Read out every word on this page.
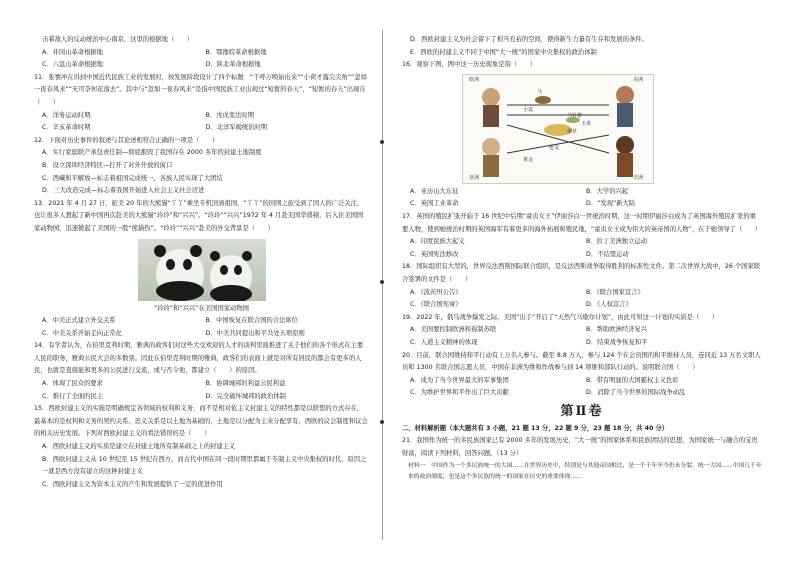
击着敌人的反动统治中心南京，这里的根据地（　　）

A．井冈山革命根据地	B．鄂豫皖革命根据地
C．六盘山革命根据地	D．陕北革命根据地

11．张謇冲在讲到中国近代民族工业的发展时，按发展阶段设计了四个标题：“千呼万唤始出来”“小荷才露尖尖角”“忽如一夜春风来”“无可奈何花落去”。其中与“忽如一夜春风来”是指中国民族工业出现过“短暂的春天”，“短暂的春天”出现在（　　）

A．洋务运动时期	B．戊戌变法时期
C．辛亥革命时期	D．北洋军阀统治时期

12．下面对历史事件的叙述与其论述相符合正确的一项是（　　）

A．实行家庭联产承包责任制—彻底摧毁了我国存在 2000 多年的封建土地制度
B．设立深圳经济特区—打开了对外开放的窗口
C．西藏和平解放—标志着祖国完成统一，各族人民实现了大团结
D．三大改造完成—标志着我国开始进入社会主义社会迈进

13．2021 年 4 月 27 日，旅美 20 年的大熊猫“丫丫”乘坐专机回到祖国，“丫丫”的回国之旅受到了国人的广泛关注，也让很多人想起了新中国再次赴美的大熊猫“玲玲”和“兴兴”。“玲玲”“兴兴”1972 年 4 月赴美国华盛顿，后入住美国国家动物园，迅速掀起了美国的一股“熊猫热”。“玲玲”“兴兴”赴美的外交背景是（　　）

“玲玲”和“兴兴”在美国国家动物园
A．中美正式建立外交关系	B．中国恢复在联合国的合法席位
C．中美关系开始走向正常化	D．中美共同提出和平共处五项原则

14．有学者认为，在伯里克利时期，雅典的政客们对这些大受欢迎的人才的谈判里面推进了关于他们的各个形式在主要人民的职务，雅典公民大会的多数票。因此在伯里克利时期的雅典，政客们的表面上就是对所有居民的都会有更多的人民，也就是直接能和更多的公民进行交流，或与否令他，都建立（　　）的原因。

A．体现了民众的要求	B．协调城邦的利益公民利益
C．推行了全面的民主	D．完全破坏城邦的政治体制

15．西欧封建主义的实施是明确规定各领域的权利和义务，而不是相对依主义封建主义的特性都是以联盟的方式存在，最基本的是权利和义务的契约关系。忠义关系是以土地为基础的，土地是以分配为主来分配享有，西欧的议会制度和议会的相关历史发展。下列对西欧封建主义的看法错误的是（　　）

A．西欧封建主义的实质是建立在封建土地所有制基础之上的封建主义
B．西欧封建主义从 10 世纪至 15 世纪在西方，而古代中国在同一段时期里都属于专制主义中央集权的时代，原因之一就是西方没有建立的这种封建主义
C．西欧封建主义为资本主义的产生和发展提供了一定的促进作用
D．西欧封建主义为社会留下了相当充裕的空间，使得新生力量有生存和发展的条件。
E．西欧的封建主义不同于中国“大一统”的国家中央集权的政治体制

16．观察下图，图中这一历史现象是指（　　）

欧洲	美洲
亚洲	非洲
马铃薯
玉米
烟草
马
小麦
枪支
黄金
A．亚历山大东征	B．大学的兴起
C．英国工业革命	D．“发现”新大陆

17．英国的殖民扩张开始于 16 世纪中后期“童贞女王”伊丽莎白一世统治时期，这一时期伊丽莎白成为了英国海外殖民扩张的重要人物，使到她统治时期的英国海军有着更多的海外拓展和殖民地，“童贞女王成为伟大的英帝国的人物”，在于她领导了（　　）

A．印度民族大起义	B．拉丁美洲独立运动
C．英国宪法修改	D．不结盟运动

18．国际组织有大型的，世界反法西斯国际联合组织，是反法西斯战争取得胜利的标准性文件。第二次世界大战中，26 个国家联合签署的文件是（　　）

A．《波茨坦公告》	B．《联合国家宣言》
C．《联合国宪章》	D．《人权宣言》

19．2022 年，俄乌战争爆发之际，美国“出手”开启了“天然气马歇尔计划”，由此可知这一计划的实质是（　　）

A．美国要控制欧洲和遏制苏联	B．帮助欧洲经济复兴
C．人道主义精神的体现	D．结束战争恢复和平

20．目前，联合国维持和平行动有上万名人参与。截至 8.8 万人，参与 124 个在会员国的和平维持人员，连同近 13 万名文职人员和 1300 名联合国志愿人员，中国在非洲为维和作战参与到 14 项维和部队行动的。说明联合国（　　）

A．成为了当今世界最大的军事集团	B．带有明显的大国霸权主义色彩
C．为维护世界和平作出了巨大贡献	D．消除了当今世界的国际战争动乱
第Ⅱ卷

二、材料解析题（本大题共有 3 小题，21 题 13 分，22 题 9 分，23 题 18 分，共 40 分）

21．我国作为统一的多民族国家已有 2000 多年的发展历史，“大一统”的国家体系和民族团结的思想，为国家统一与融合的宝贵财富，阅读下列材料，回答问题。（13 分）

材料一　中国作为一个多民族统一的大国……在世界历史中，特别是与其他帝国相比，是一个千年至今仍未分裂，统一大国……中国几千年来的政治制度，也是这个多民族的统一的国家在历史的重要体现……
